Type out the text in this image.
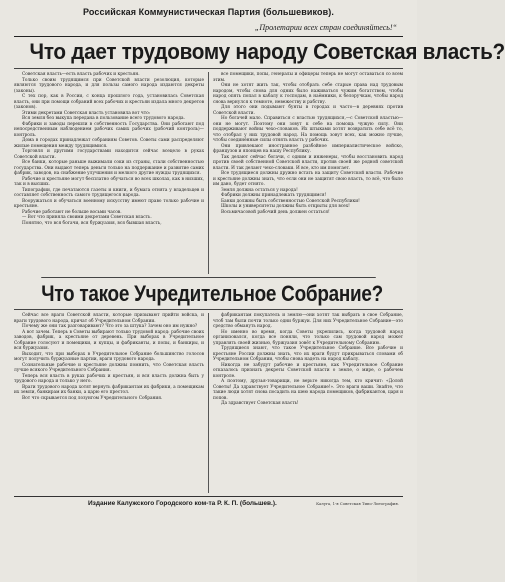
Российская Коммунистическая Партия (большевиков).
„Пролетарии всех стран соединяйтесь!“
Что дает трудовому народу Советская власть?

Советская власть—есть власть рабочих и крестьян.

Только своим трудящимся при Советской власти резолюция, которые являются трудового народа, и для пользы самого народа издаются декреты (законы).

С тех пор, как в России, с конца прошлого года, установилась Советская власть, они при помощи собраний всех рабочих и крестьян издала много декретов (законов).

Этими декретами Советская власть установила вот что:

Вся земля без выкупа передана в пользование всего трудового народа.

Фабрики и заводы перешли в собственность Государства. Они работают под непосредственным наблюдением рабочих самих рабочих (рабочий контроль)—контроль.

Дома в городах принадлежат собраниям Советов. Советы сами распределяют жилые помещения между трудящимися.

Торговля и другими государствами находится сейчас всецело в руках Советской власти.

Все банки, которые раньше выжимали соки из страны, стали собственностью государства. Они выдают теперь деньги только на поддержание и развитие самих фабрик, заводов, на снабжение улучшения и мелкого другие нужды трудящихся.

Рабочие и крестьяне могут бесплатно обучаться во всех школах, как в низших, так и в высших.

Типографии, где печатаются газеты и книги, и бумага отнята у владельцев и составляет собственность самого трудящегося народа.

Вооружаться и обучаться военному искусству имеют право только рабочие и крестьяне.

Рабочие работают не больше восьми часов.

— Вот что приняла своими декретами Советская власть.

Понятно, что вся богачи, вся буржуазия, вся бывшая власть,

все помещики, попы, генералы и офицеры теперь не могут оставаться со всем этим.

Они не хотят жить так, чтобы отобрать себе старые права над трудовым народом, чтобы снова для одних было наживаться чужим богатством, чтобы народ опять попал в кабалу к господам, в наёмники, к белоручкам, чтобы народ снова вернулся к темноте, невежеству и рабству.

Для этого они подымают бунты в городах и часто—в деревнях против Советской власти.

Но богачей мало. Справиться с властью трудящихся,—с Советской властью—они не могут. Поэтому они зовут к себе на помощь чужую силу. Они поддерживают войны чехо-словаков. Их штыками хотят возвратить себе всё то, что отобрал у них трудовой народ. На помощь зовут всех, как можно лучше, чтобы соединённые силы отнять власть у рабочих.

Они привлекают иностранное разбойное империалистическое войско, французов и японцев на нашу Республику.

Так делают сейчас богачи, с одним и инженеры, чтобы восстановить народ против своей собственной Советской власти, против своей же родной советской власти. И так делают чехо-словаки. И все, кто им помогает.

Все трудящиеся должны дружно встать на защиту Советской власти. Рабочие и крестьяне должны знать, что если они не защитят свою власть, то всё, что было им дано, будет отнято.

Земля должна остаться у народа!

Фабрики должны принадлежать трудящимся!

Банки должны быть собственностью Советской Республики!

Школы и университеты должны быть открыты для всех!

Восьмичасовой рабочий день должен остаться!

Что такое Учредительное Собрание?

Сейчас все враги Советской власти, которые призывают прийти войска, и враги трудового народа, кричат об Учредительном Собрании.

Почему же они так разговаривают? Что это за штука? Зачем оно им нужно?

А вот зачем. Теперь в Советы выбирают только трудовой народ: рабочие своих заводов, фабрик, а крестьяне от деревень. При выборах в Учредительное Собрание голосуют и помещики, и купцы, и фабриканты, и попы, и банкиры, и вся буржуазия.

Выходит, что при выборах в Учредительное Собрание большинство голосов могут получить буржуазные партии, враги трудового народа.

Сознательные рабочие и крестьяне должны помнить, что Советская власть лучше всякого Учредительного Собрания.

Теперь вся власть в руках рабочих и крестьян, и вся власть должна быть у трудового народа и только у него.

Враги трудового народа хотят вернуть фабрикантам их фабрики, а помещикам их земли, банкирам их банки, а царю его престол.

Вот что скрывается под лозунгом Учредительного Собрания.

фабрикантам покупатель и землю—они хотят так выбрать в свое Собрание, чтоб там были почти только одни буржуи. Для них Учредительное Собрание—это средство обмануть народ.

Но именно во время, когда Советы укрепились, когда трудовой народ организовался, когда все поняли, что только сам трудовой народ может управлять своей жизнью, буржуазия зовёт к Учредительному Собранию.

Трудящиеся знают, что такое Учредительное Собрание. Все рабочие и крестьяне России должны знать, что их враги будут прикрываться словами об Учредительном Собрании, чтобы снова надеть на народ кабалу.

Никогда не забудут рабочие и крестьяне, как Учредительное Собрание отказалось признать декреты Советской власти о земле, о мире, о рабочем контроле.

А поэтому, друзья-товарищи, не верьте никогда тем, кто кричит: «Долой Советы! Да здравствует Учредительное Собрание!». Это враги ваши. Знайте, что такие люди хотят снова посадить на шею народа помещиков, фабрикантов, царя и попов.

Да здравствует Советская власть!

Издание Калужского Городского ком-та Р. К. П. (большев.).	Калуга, 1-я Советская Типо-Литография.
